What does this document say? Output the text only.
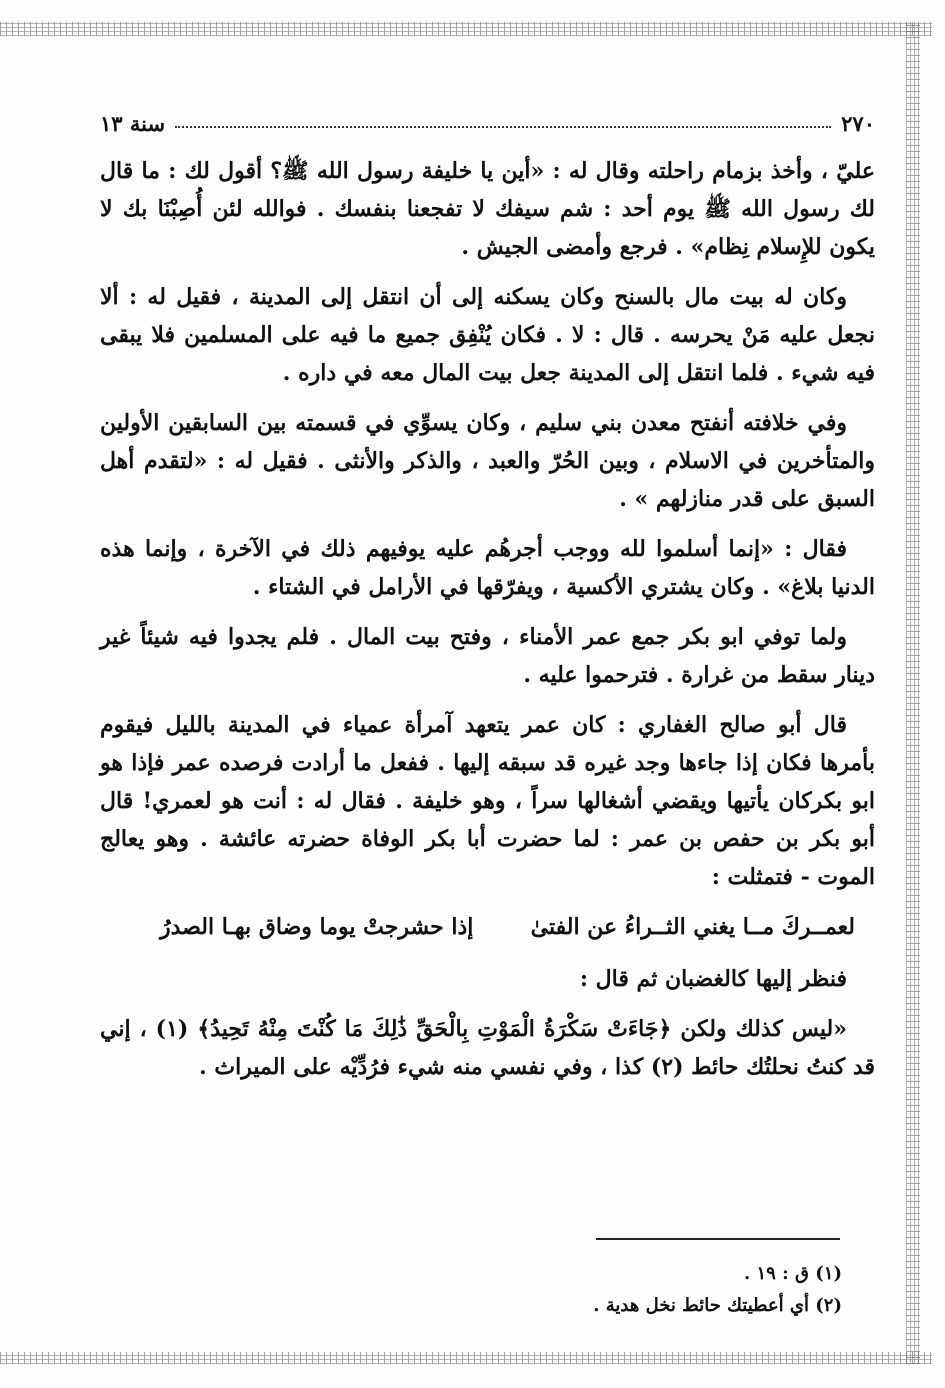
٢٧٠
سنة ١٣

عليّ ، وأخذ بزمام راحلته وقال له : «أين يا خليفة رسول الله ﷺ؟ أقول لك : ما قال لك رسول الله ﷺ يوم أحد : شم سيفك لا تفجعنا بنفسك . فوالله لئن أُصِبْنَا بك لا يكون للإِسلام نِظام» . فرجع وأمضى الجيش .

وكان له بيت مال بالسنح وكان يسكنه إلى أن انتقل إلى المدينة ، فقيل له : ألا نجعل عليه مَنْ يحرسه . قال : لا . فكان يُنْفِق جميع ما فيه على المسلمين فلا يبقى فيه شيء . فلما انتقل إلى المدينة جعل بيت المال معه في داره .

وفي خلافته أنفتح معدن بني سليم ، وكان يسوِّي في قسمته بين السابقين الأولين والمتأخرين في الاسلام ، وبين الحُرّ والعبد ، والذكر والأنثى . فقيل له : «لتقدم أهل السبق على قدر منازلهم » .

فقال : «إنما أسلموا لله ووجب أجرهُم عليه يوفيهم ذلك في الآخرة ، وإنما هذه الدنيا بلاغ» . وكان يشتري الأكسية ، ويفرّقها في الأرامل في الشتاء .

ولما توفي ابو بكر جمع عمر الأمناء ، وفتح بيت المال . فلم يجدوا فيه شيئاً غير دينار سقط من غرارة . فترحموا عليه .

قال أبو صالح الغفاري : كان عمر يتعهد آمرأة عمياء في المدينة بالليل فيقوم بأمرها فكان إذا جاءها وجد غيره قد سبقه إليها . ففعل ما أرادت فرصده عمر فإذا هو ابو بكركان يأتيها ويقضي أشغالها سراً ، وهو خليفة . فقال له : أنت هو لعمري! قال أبو بكر بن حفص بن عمر : لما حضرت أبا بكر الوفاة حضرته عائشة . وهو يعالج الموت - فتمثلت :

لعمــركَ مــا يغني الثــراءُ عن الفتىٰ
إذا حشرجتْ يوما وضاق بهـا الصدرُ

فنظر إليها كالغضبان ثم قال :

«ليس كذلك ولكن ﴿جَاءَتْ سَكْرَةُ الْمَوْتِ بِالْحَقِّ ذَٰلِكَ مَا كُنْتَ مِنْهُ تَحِيدُ﴾ (١) ، إني قد كنتُ نحلتُك حائط (٢) كذا ، وفي نفسي منه شيء فرُدِّيْه على الميراث .

(١) ق : ١٩ .
(٢) أي أعطيتك حائط نخل هدية .
